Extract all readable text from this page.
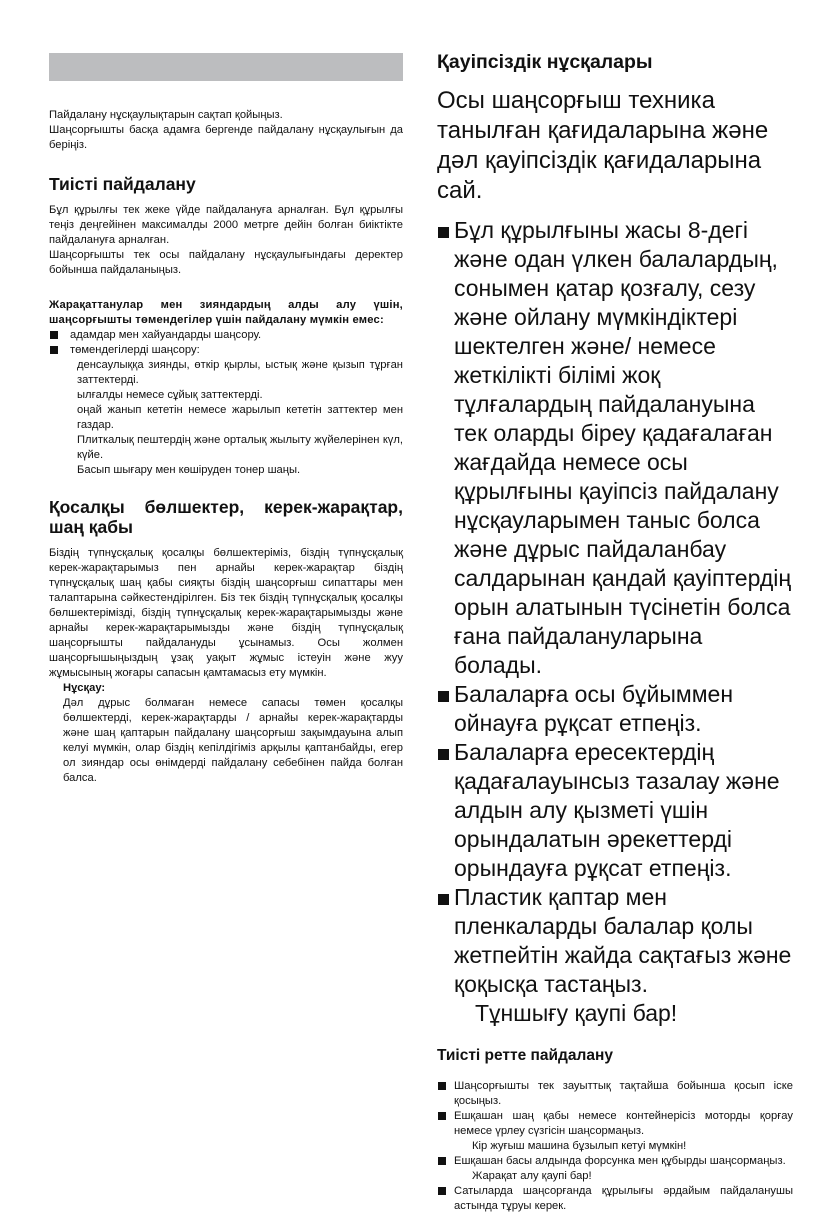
Пайдалану нұсқаулықтарын сақтап қойыңыз.

Шаңсорғышты басқа адамға бергенде пайдалану нұсқаулығын да беріңіз.

Тиісті пайдалану

Бұл құрылғы тек жеке үйде пайдалануға арналған. Бұл құрылғы теңіз деңгейінен максималды 2000 метрге дейін болған биіктікте пайдалануға арналған.

Шаңсорғышты тек осы пайдалану нұсқаулығындағы деректер бойынша пайдаланыңыз.

Жарақаттанулар мен зияндардың алды алу үшін, шаңсорғышты төмендегілер үшін пайдалану мүмкін емес:

адамдар мен хайуандарды шаңсору.
төмендегілерді шаңсору:

денсаулыққа зиянды, өткір қырлы, ыстық және қызып тұрған заттектерді.

ылғалды немесе сұйық заттектерді.

оңай жанып кететін немесе жарылып кететін заттектер мен газдар.

Плиткалық пештердің және орталық жылыту жүйелерінен күл, күйе.

Басып шығару мен көшіруден тонер шаңы.

Қосалқы бөлшектер, керек-жарақтар, шаң қабы

Біздің түпнұсқалық қосалқы бөлшектеріміз, біздің түпнұсқалық керек-жарақтарымыз пен арнайы керек-жарақтар біздің түпнұсқалық шаң қабы сияқты біздің шаңсорғыш сипаттары мен талаптарына сәйкестендірілген. Біз тек біздің түпнұсқалық қосалқы бөлшектерімізді, біздің түпнұсқалық керек-жарақтарымызды және арнайы керек-жарақтарымызды және біздің түпнұсқалық шаңсорғышты пайдалануды ұсынамыз. Осы жолмен шаңсорғышыңыздың ұзақ уақыт жұмыс істеуін және жуу жұмысының жоғары сапасын қамтамасыз ету мүмкін.

Нұсқау:

Дәл дұрыс болмаған немесе сапасы төмен қосалқы бөлшектерді, керек-жарақтарды / арнайы керек-жарақтарды және шаң қаптарын пайдалану шаңсорғыш зақымдауына алып келуі мүмкін, олар біздің кепілдігіміз арқылы қаптанбайды, егер ол зияндар осы өнімдерді пайдалану себебінен пайда болған балса.

Қауіпсіздік нұсқалары

Осы шаңсорғыш техника танылған қағидаларына және дәл қауіпсіздік қағидаларына сай.

Бұл құрылғыны жасы 8-дегі және одан үлкен балалардың, сонымен қатар қозғалу, сезу және ойлану мүмкіндіктері шектелген және/ немесе жеткілікті білімі жоқ тұлғалардың пайдалануына тек оларды біреу қадағалаған жағдайда немесе осы құрылғыны қауіпсіз пайдалану нұсқауларымен таныс болса және дұрыс пайдаланбау салдарынан қандай қауіптердің орын алатынын түсінетін болса ғана пайдалануларына болады.
Балаларға осы бұйыммен ойнауға рұқсат етпеңіз.
Балаларға ересектердің қадағалауынсыз тазалау және алдын алу қызметі үшін орындалатын әрекеттерді орындауға рұқсат етпеңіз.
Пластик қаптар мен пленкаларды балалар қолы жетпейтін жайда сақтағыз және қоқысқа тастаңыз.

Тұншығу қаупі бар!

Тиісті ретте пайдалану
Шаңсорғышты тек зауыттық тақтайша бойынша қосып іске қосыңыз.
Ешқашан шаң қабы немесе контейнерісіз моторды қорғау немесе үрлеу сүзгісін шаңсормаңыз.

Кір жуғыш машина бұзылып кетуі мүмкін!

Ешқашан басы алдында форсунка мен құбырды шаңсормаңыз.

Жарақат алу қаупі бар!

Сатыларда шаңсорғанда құрылығы әрдайым пайдаланушы астында тұруы керек.
